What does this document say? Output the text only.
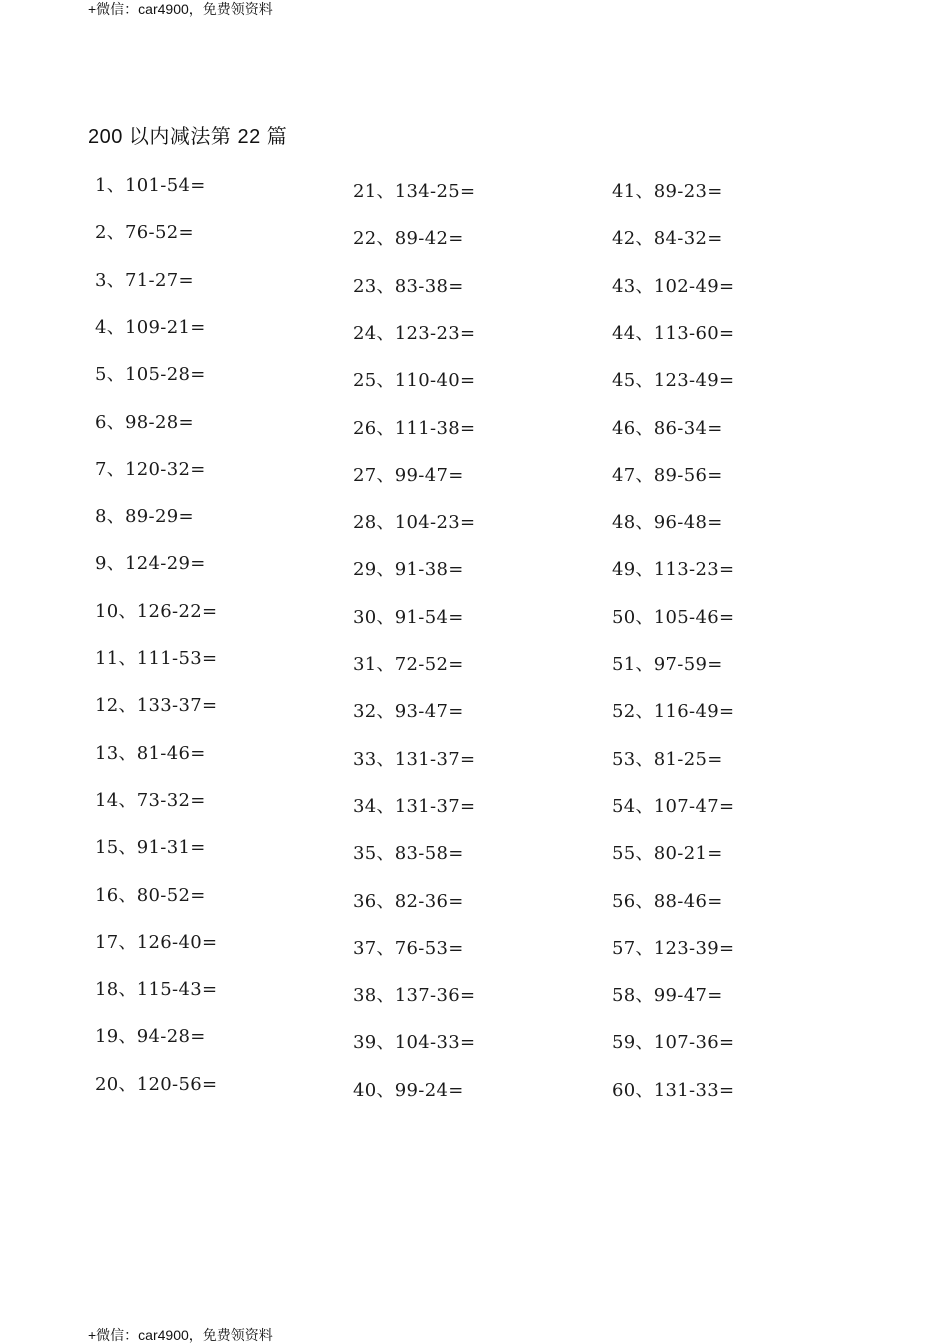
+微信：car4900，免费领资料
200 以内减法第 22 篇
1、101-54=
2、76-52=
3、71-27=
4、109-21=
5、105-28=
6、98-28=
7、120-32=
8、89-29=
9、124-29=
10、126-22=
11、111-53=
12、133-37=
13、81-46=
14、73-32=
15、91-31=
16、80-52=
17、126-40=
18、115-43=
19、94-28=
20、120-56=
21、134-25=
22、89-42=
23、83-38=
24、123-23=
25、110-40=
26、111-38=
27、99-47=
28、104-23=
29、91-38=
30、91-54=
31、72-52=
32、93-47=
33、131-37=
34、131-37=
35、83-58=
36、82-36=
37、76-53=
38、137-36=
39、104-33=
40、99-24=
41、89-23=
42、84-32=
43、102-49=
44、113-60=
45、123-49=
46、86-34=
47、89-56=
48、96-48=
49、113-23=
50、105-46=
51、97-59=
52、116-49=
53、81-25=
54、107-47=
55、80-21=
56、88-46=
57、123-39=
58、99-47=
59、107-36=
60、131-33=
+微信：car4900，免费领资料
